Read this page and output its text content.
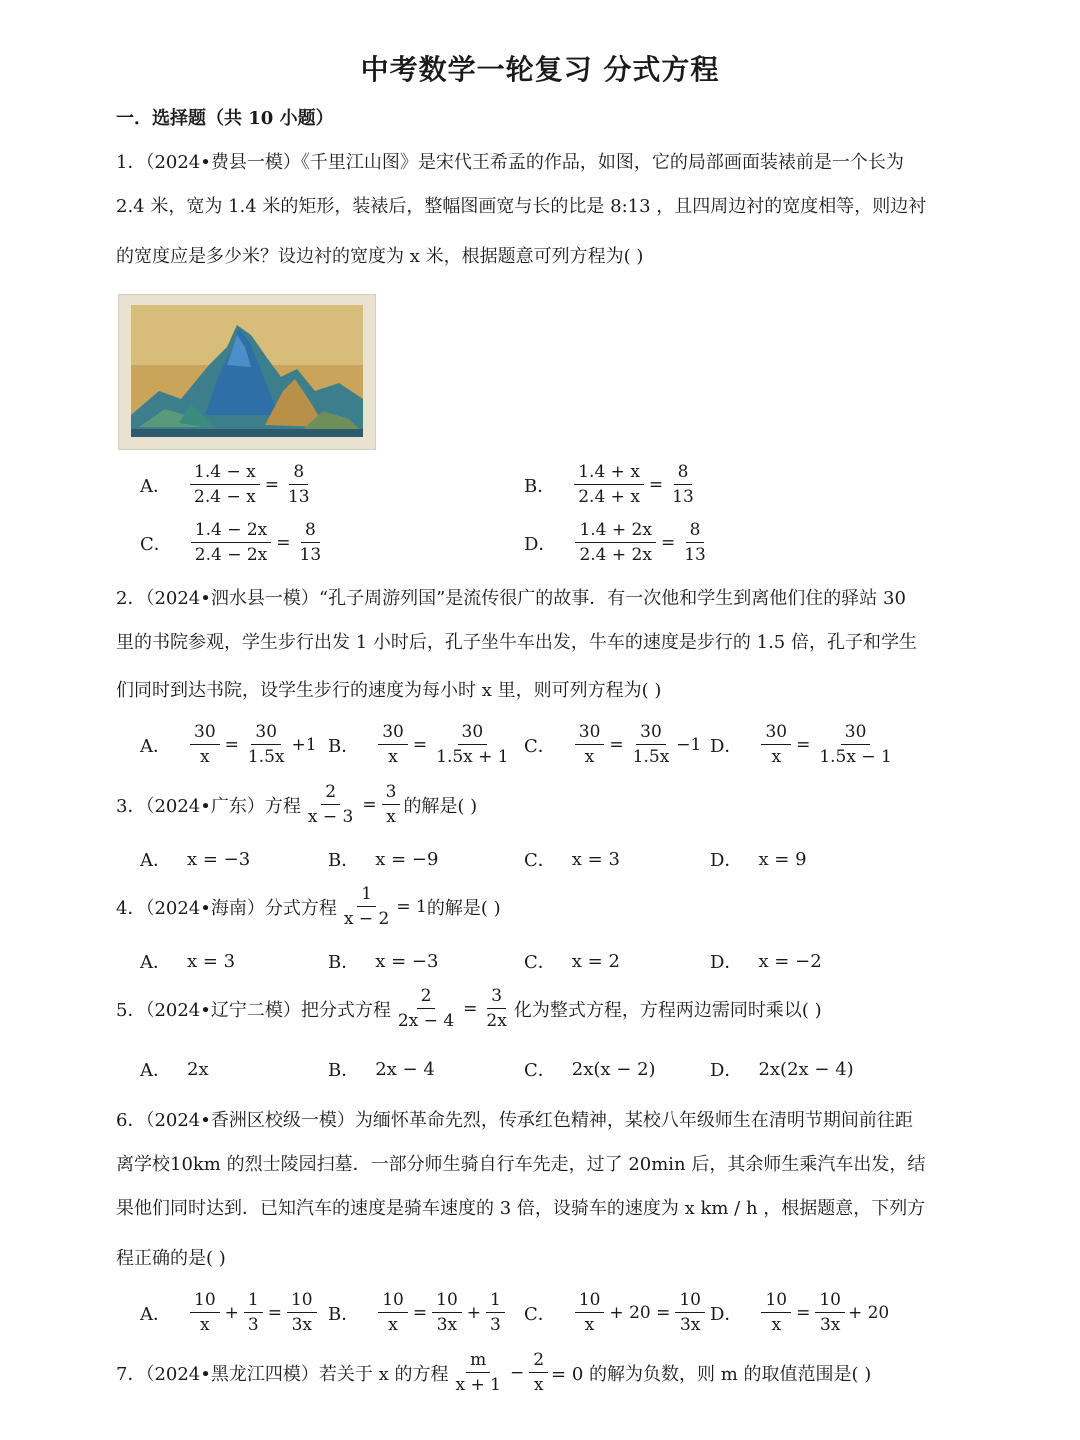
中考数学一轮复习 分式方程
一．选择题（共 10 小题）
1．（2024•费县一模）《千里江山图》是宋代王希孟的作品，如图，它的局部画面装裱前是一个长为
2.4 米，宽为 1.4 米的矩形，装裱后，整幅图画宽与长的比是 8:13 ，且四周边衬的宽度相等，则边衬
的宽度应是多少米？设边衬的宽度为 x 米，根据题意可列方程为( )
A． $\frac{1.4 - x}{2.4 - x} = \frac{8}{13}$	B． $\frac{1.4 + x}{2.4 + x} = \frac{8}{13}$
C． $\frac{1.4 - 2x}{2.4 - 2x} = \frac{8}{13}$	D． $\frac{1.4 + 2x}{2.4 + 2x} = \frac{8}{13}$
2．（2024•泗水县一模）“孔子周游列国”是流传很广的故事．有一次他和学生到离他们住的驿站 30
里的书院参观，学生步行出发 1 小时后，孔子坐牛车出发，牛车的速度是步行的 1.5 倍，孔子和学生
们同时到达书院，设学生步行的速度为每小时 x 里，则可列方程为( )
A． $\frac{30}{x} = \frac{30}{1.5x} +1$ B． $\frac{30}{x} = \frac{30}{1.5x + 1}$ C． $\frac{30}{x} = \frac{30}{1.5x} -1$ D． $\frac{30}{x} = \frac{30}{1.5x - 1}$
3．（2024•广东）方程 $\frac{2}{x - 3} = \frac{3}{x}$ 的解是( )
A． x = −3	B． x = −9	C． x = 3	D． x = 9
4．（2024•海南）分式方程 $\frac{1}{x - 2} = 1$ 的解是( )
A． x = 3	B． x = −3	C． x = 2	D． x = −2
5．（2024•辽宁二模）把分式方程 $\frac{2}{2x - 4} = \frac{3}{2x}$ 化为整式方程，方程两边需同时乘以( )
A． 2x	B． 2x − 4	C． 2x(x − 2)	D． 2x(2x − 4)
6．（2024•香洲区校级一模）为缅怀革命先烈，传承红色精神，某校八年级师生在清明节期间前往距
离学校10km 的烈士陵园扫墓．一部分师生骑自行车先走，过了 20min 后，其余师生乘汽车出发，结
果他们同时达到．已知汽车的速度是骑车速度的 3 倍，设骑车的速度为 x km / h ，根据题意，下列方
程正确的是( )
A． $\frac{10}{x} + \frac{1}{3} = \frac{10}{3x}$ B． $\frac{10}{x} = \frac{10}{3x} + \frac{1}{3}$ C． $\frac{10}{x} + 20 = \frac{10}{3x}$ D． $\frac{10}{x} = \frac{10}{3x} + 20$
7．（2024•黑龙江四模）若关于 x 的方程 $\frac{m}{x + 1} - \frac{2}{x} = 0$ 的解为负数，则 m 的取值范围是( )
